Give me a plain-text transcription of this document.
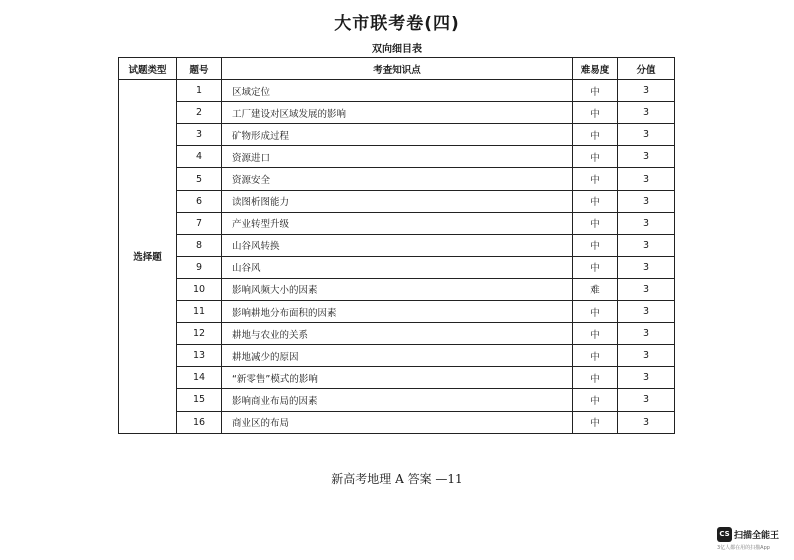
大市联考卷(四)
双向细目表
试题类型	题号	考查知识点	难易度	分值
选择题	1	区域定位	中	3
	2	工厂建设对区域发展的影响	中	3
	3	矿物形成过程	中	3
	4	资源进口	中	3
	5	资源安全	中	3
	6	读图析图能力	中	3
	7	产业转型升级	中	3
	8	山谷风转换	中	3
	9	山谷风	中	3
	10	影响风频大小的因素	难	3
	11	影响耕地分布面积的因素	中	3
	12	耕地与农业的关系	中	3
	13	耕地减少的原因	中	3
	14	“新零售”模式的影响	中	3
	15	影响商业布局的因素	中	3
	16	商业区的布局	中	3
新高考地理 A 答案 —11
CS 扫描全能王
3亿人都在用的扫描App
